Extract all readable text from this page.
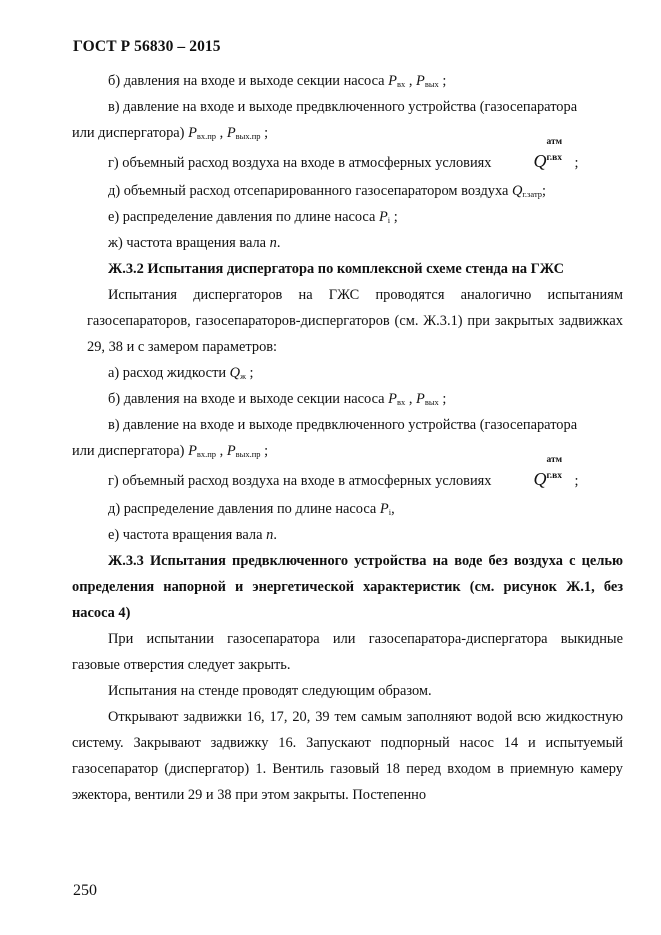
ГОСТ Р 56830 – 2015

б) давления на входе и выходе секции насоса $P_{вх}$ , $P_{вых}$ ;

в) давление на входе и выходе предвключенного устройства (газосепаратора

или диспергатора) $P_{вх.пр}$ , $P_{вых.пр}$ ;

г) объемный расход воздуха на входе в атмосферных условиях Q
атм
г.вх ;

д) объемный расход отсепарированного газосепаратором воздуха $Q_{г.затр}$;

е) распределение давления по длине насоса $P_i$ ;

ж) частота вращения вала n.

Ж.3.2 Испытания диспергатора по комплексной схеме стенда на ГЖС

Испытания диспергаторов на ГЖС проводятся аналогично испытаниям газосепараторов, газосепараторов-диспергаторов (см. Ж.3.1) при закрытых задвижках 29, 38 и с замером параметров:

а) расход жидкости $Q_ж$ ;

б) давления на входе и выходе секции насоса $P_{вх}$ , $P_{вых}$ ;

в) давление на входе и выходе предвключенного устройства (газосепаратора

или диспергатора) $P_{вх.пр}$ , $P_{вых.пр}$ ;

г) объемный расход воздуха на входе в атмосферных условиях Q
атм
г.вх ;

д) распределение давления по длине насоса $P_i$,

е) частота вращения вала n.

Ж.3.3 Испытания предвключенного устройства на воде без воздуха с целью определения напорной и энергетической характеристик (см. рисунок Ж.1, без насоса 4)

При испытании газосепаратора или газосепаратора-диспергатора выкидные газовые отверстия следует закрыть.

Испытания на стенде проводят следующим образом.

Открывают задвижки 16, 17, 20, 39 тем самым заполняют водой всю жидкостную систему. Закрывают задвижку 16. Запускают подпорный насос 14 и испытуемый газосепаратор (диспергатор) 1. Вентиль газовый 18 перед входом в приемную камеру эжектора, вентили 29 и 38 при этом закрыты. Постепенно

250
